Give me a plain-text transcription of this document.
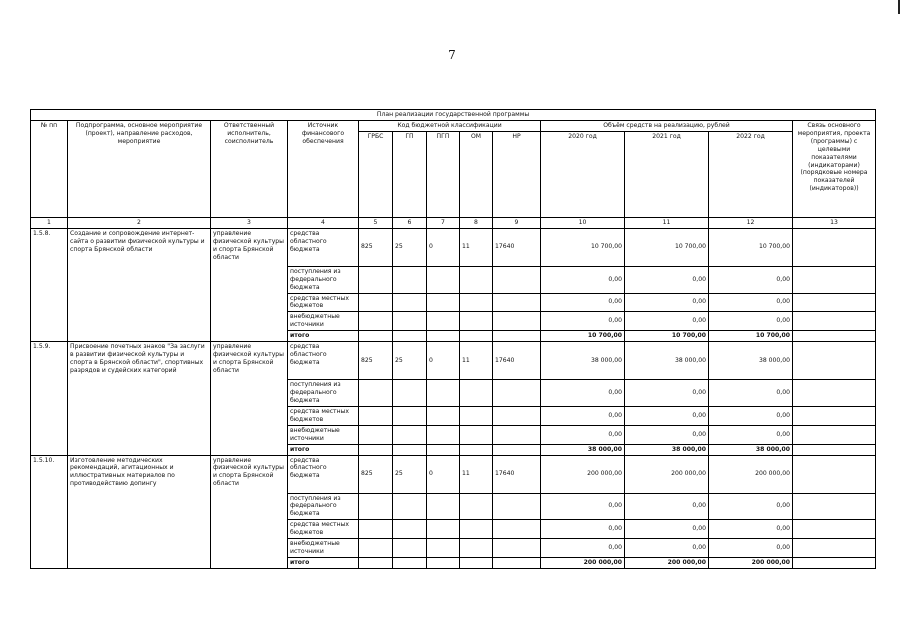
7
План реализации государственной программы												
№ пп	Подпрограмма, основное мероприятие (проект), направление расходов, мероприятие	Ответственный исполнитель, соисполнитель	Источник финансового обеспечения	Код бюджетной классификации					Объём средств на реализацию, рублей			Связь основного мероприятия, проекта (программы) с целевыми показателями (индикаторами) (порядковые номера показателей (индикаторов))
				ГРБС	ГП	ПГП	ОМ	НР	2020 год	2021 год	2022 год	
1	2	3	4	5	6	7	8	9	10	11	12	13
1.5.8.	Создание и сопровождение интернет-сайта о развитии физической культуры и спорта Брянской области	управление физической культуры и спорта Брянской области	средства областного бюджета	825	25	0	11	17640	10 700,00	10 700,00	10 700,00	
			поступления из федерального бюджета						0,00	0,00	0,00	
			средства местных бюджетов						0,00	0,00	0,00	
			внебюджетные источники						0,00	0,00	0,00	
			итого						10 700,00	10 700,00	10 700,00	
1.5.9.	Присвоение почетных знаков "За заслуги в развитии физической культуры и спорта в Брянской области", спортивных разрядов и судейских категорий	управление физической культуры и спорта Брянской области	средства областного бюджета	825	25	0	11	17640	38 000,00	38 000,00	38 000,00	
			поступления из федерального бюджета						0,00	0,00	0,00	
			средства местных бюджетов						0,00	0,00	0,00	
			внебюджетные источники						0,00	0,00	0,00	
			итого						38 000,00	38 000,00	38 000,00	
1.5.10.	Изготовление методических рекомендаций, агитационных и иллюстративных материалов по противодействию допингу	управление физической культуры и спорта Брянской области	средства областного бюджета	825	25	0	11	17640	200 000,00	200 000,00	200 000,00	
			поступления из федерального бюджета						0,00	0,00	0,00	
			средства местных бюджетов						0,00	0,00	0,00	
			внебюджетные источники						0,00	0,00	0,00	
			итого						200 000,00	200 000,00	200 000,00	
